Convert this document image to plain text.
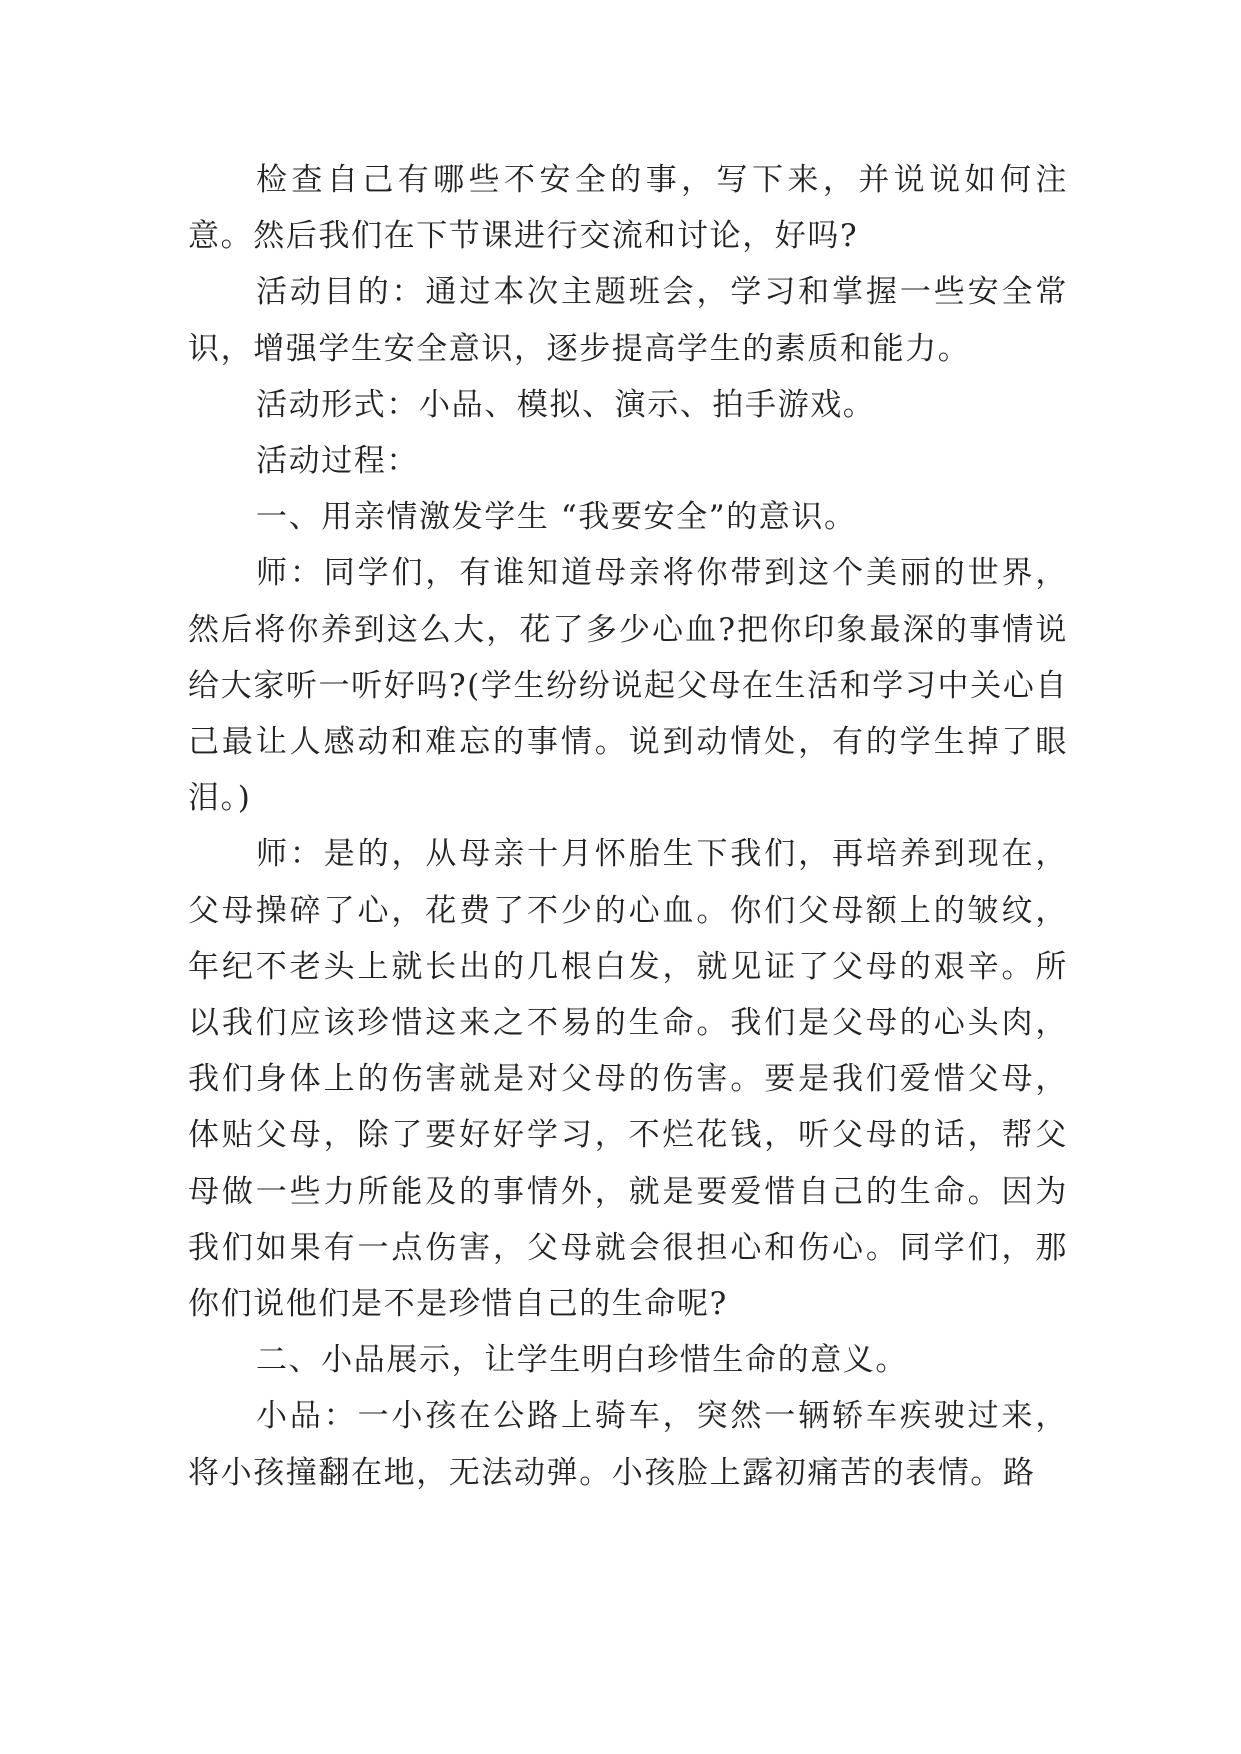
检查自己有哪些不安全的事，写下来，并说说如何注意。然后我们在下节课进行交流和讨论，好吗?

活动目的：通过本次主题班会，学习和掌握一些安全常识，增强学生安全意识，逐步提高学生的素质和能力。

活动形式：小品、模拟、演示、拍手游戏。

活动过程：

一、用亲情激发学生 “我要安全”的意识。

师：同学们，有谁知道母亲将你带到这个美丽的世界，然后将你养到这么大，花了多少心血?把你印象最深的事情说给大家听一听好吗?(学生纷纷说起父母在生活和学习中关心自己最让人感动和难忘的事情。说到动情处，有的学生掉了眼泪。)

师：是的，从母亲十月怀胎生下我们，再培养到现在，父母操碎了心，花费了不少的心血。你们父母额上的皱纹，年纪不老头上就长出的几根白发，就见证了父母的艰辛。所以我们应该珍惜这来之不易的生命。我们是父母的心头肉，我们身体上的伤害就是对父母的伤害。要是我们爱惜父母，体贴父母，除了要好好学习，不烂花钱，听父母的话，帮父母做一些力所能及的事情外，就是要爱惜自己的生命。因为我们如果有一点伤害，父母就会很担心和伤心。同学们，那你们说他们是不是珍惜自己的生命呢?

二、小品展示，让学生明白珍惜生命的意义。

小品：一小孩在公路上骑车，突然一辆轿车疾驶过来，将小孩撞翻在地，无法动弹。小孩脸上露初痛苦的表情。路
